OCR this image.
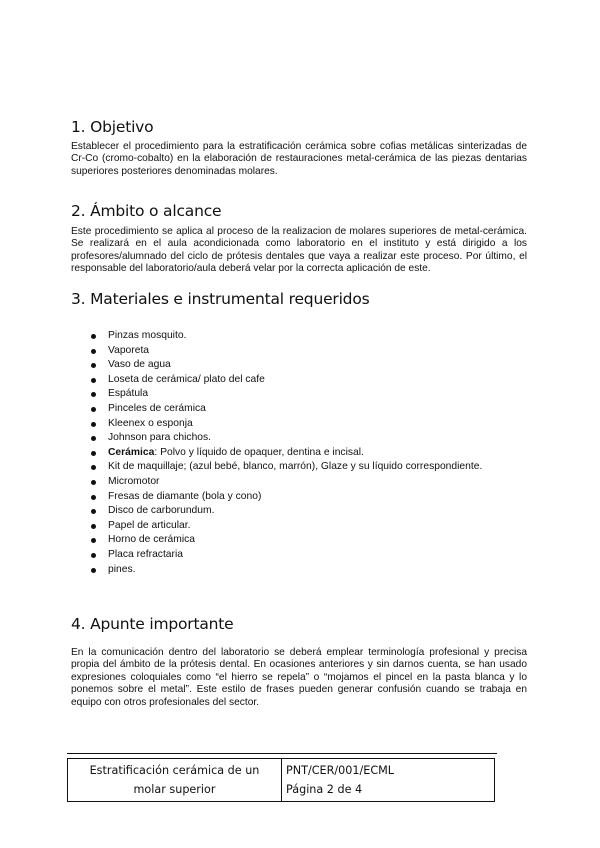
1. Objetivo

Establecer el procedimiento para la estratificación cerámica sobre cofias metálicas sinterizadas de Cr-Co (cromo-cobalto) en la elaboración de restauraciones metal-cerámica de las piezas dentarias superiores posteriores denominadas molares.

2. Ámbito o alcance

Este procedimiento se aplica al proceso de la realizacion de molares superiores de metal-cerámica. Se realizará en el aula acondicionada como laboratorio en el instituto y está dirigido a los profesores/alumnado del ciclo de prótesis dentales que vaya a realizar este proceso. Por último, el responsable del laboratorio/aula deberá velar por la correcta aplicación de este.

3. Materiales e instrumental requeridos
Pinzas mosquito.
Vaporeta
Vaso de agua
Loseta de cerámica/ plato del cafe
Espátula
Pinceles de cerámica
Kleenex o esponja
Johnson para chichos.
Cerámica: Polvo y líquido de opaquer, dentina e incisal.
Kit de maquillaje; (azul bebé, blanco, marrón), Glaze y su líquido correspondiente.
Micromotor
Fresas de diamante (bola y cono)
Disco de carborundum.
Papel de articular.
Horno de cerámica
Placa refractaria
pines.
4. Apunte importante

En la comunicación dentro del laboratorio se deberá emplear terminología profesional y precisa propia del ámbito de la prótesis dental. En ocasiones anteriores y sin darnos cuenta, se han usado expresiones coloquiales como “el hierro se repela” o “mojamos el pincel en la pasta blanca y lo ponemos sobre el metal”. Este estilo de frases pueden generar confusión cuando se trabaja en equipo con otros profesionales del sector.

Estratificación cerámica de un molar superior	
PNT/CER/001/ECML
Página 2 de 4
